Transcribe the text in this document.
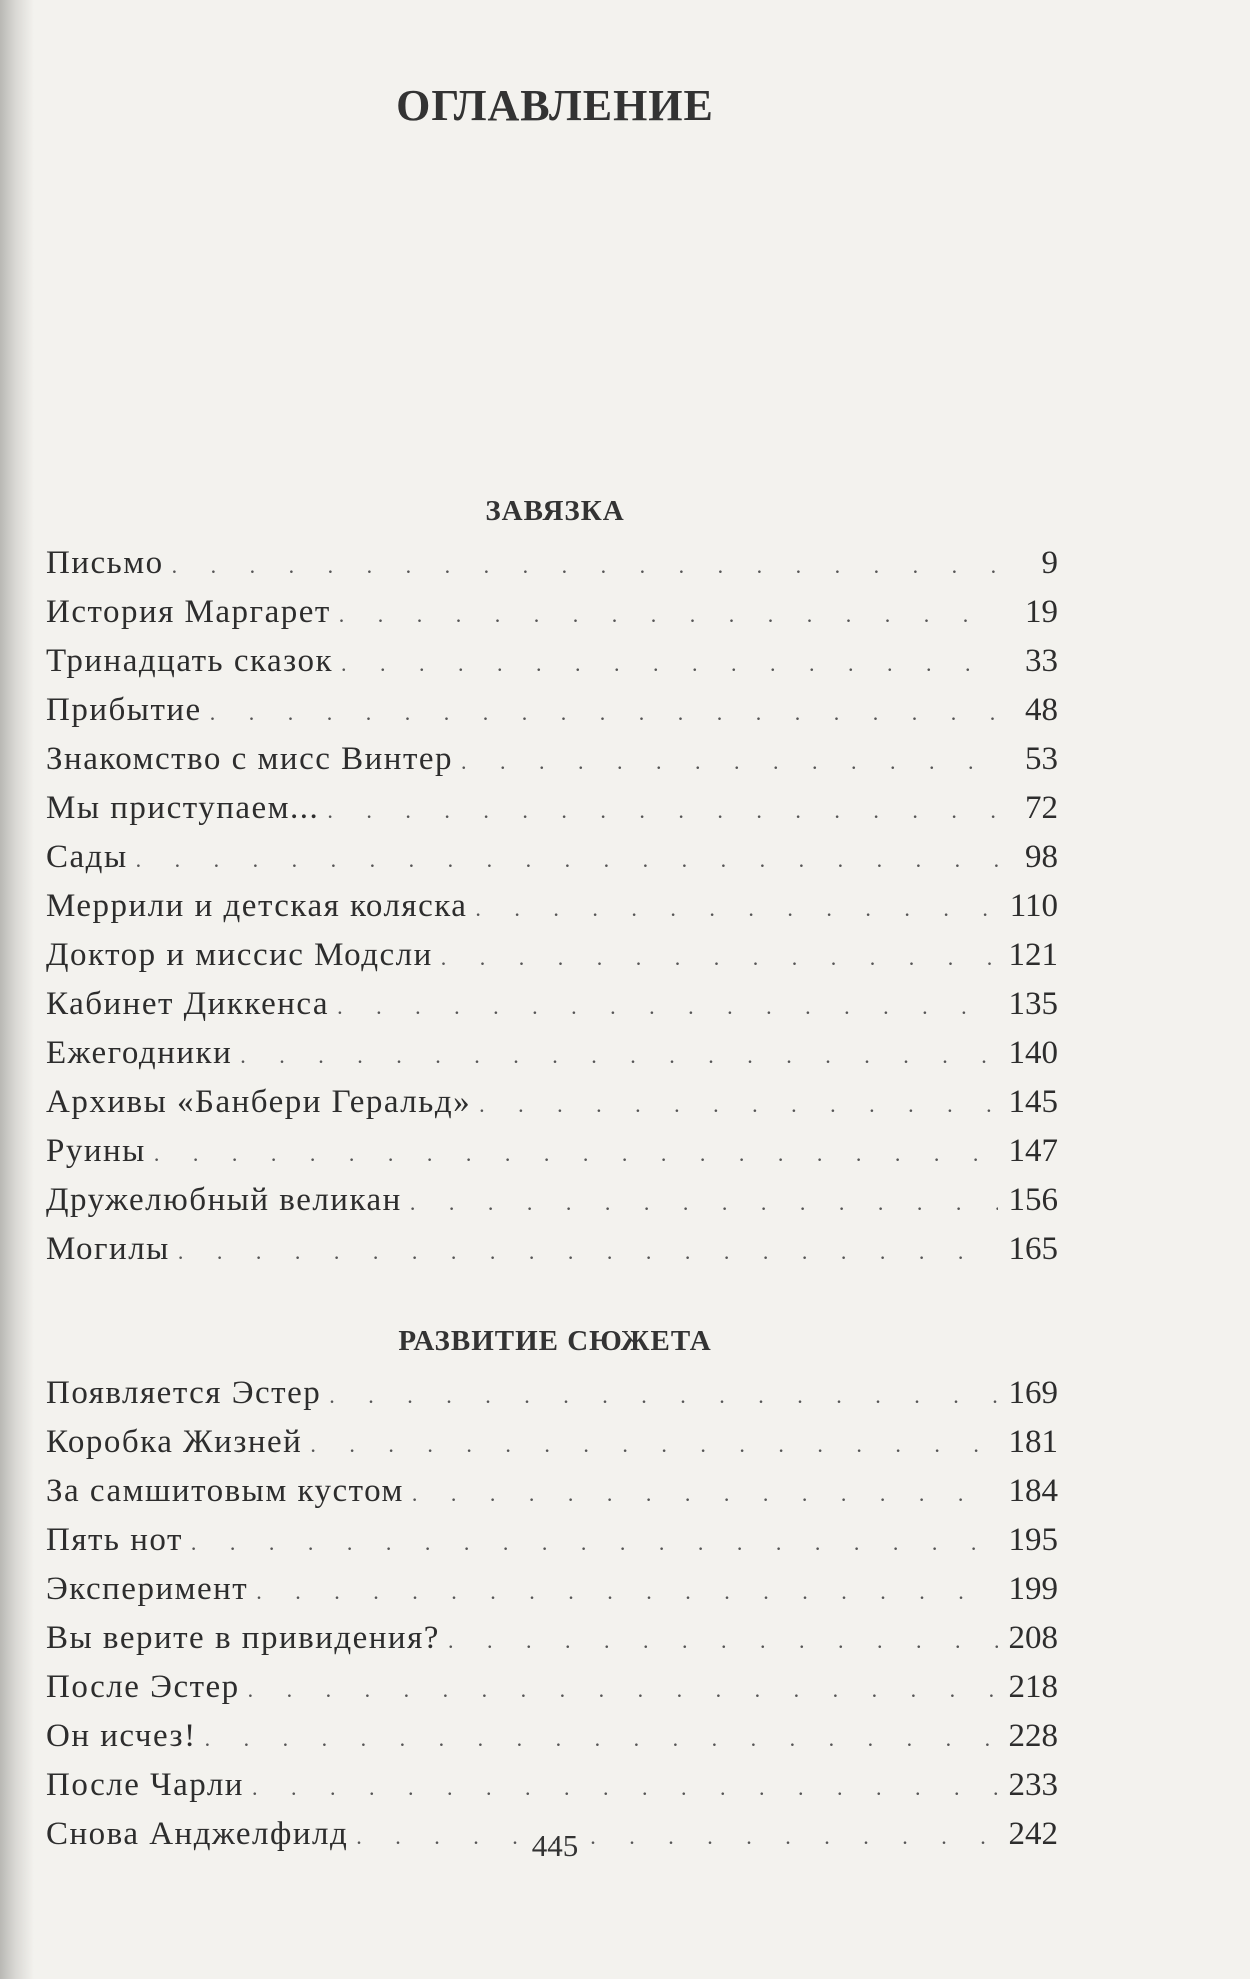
ОГЛАВЛЕНИЕ
ЗАВЯЗКА
Письмо . . .	9
История Маргарет . . .	19
Тринадцать сказок . . .	33
Прибытие . . .	48
Знакомство с мисс Винтер . . .	53
Мы приступаем... . . .	72
Сады . . .	98
Меррили и детская коляска . . .	110
Доктор и миссис Модсли . . .	121
Кабинет Диккенса . . .	135
Ежегодники . . .	140
Архивы «Банбери Геральд» . . .	145
Руины . . .	147
Дружелюбный великан . . .	156
Могилы . . .	165
РАЗВИТИЕ СЮЖЕТА
Появляется Эстер . . .	169
Коробка Жизней . . .	181
За самшитовым кустом . . .	184
Пять нот . . .	195
Эксперимент . . .	199
Вы верите в привидения? . . .	208
После Эстер . . .	218
Он исчез! . . .	228
После Чарли . . .	233
Снова Анджелфилд . . .	242
445
